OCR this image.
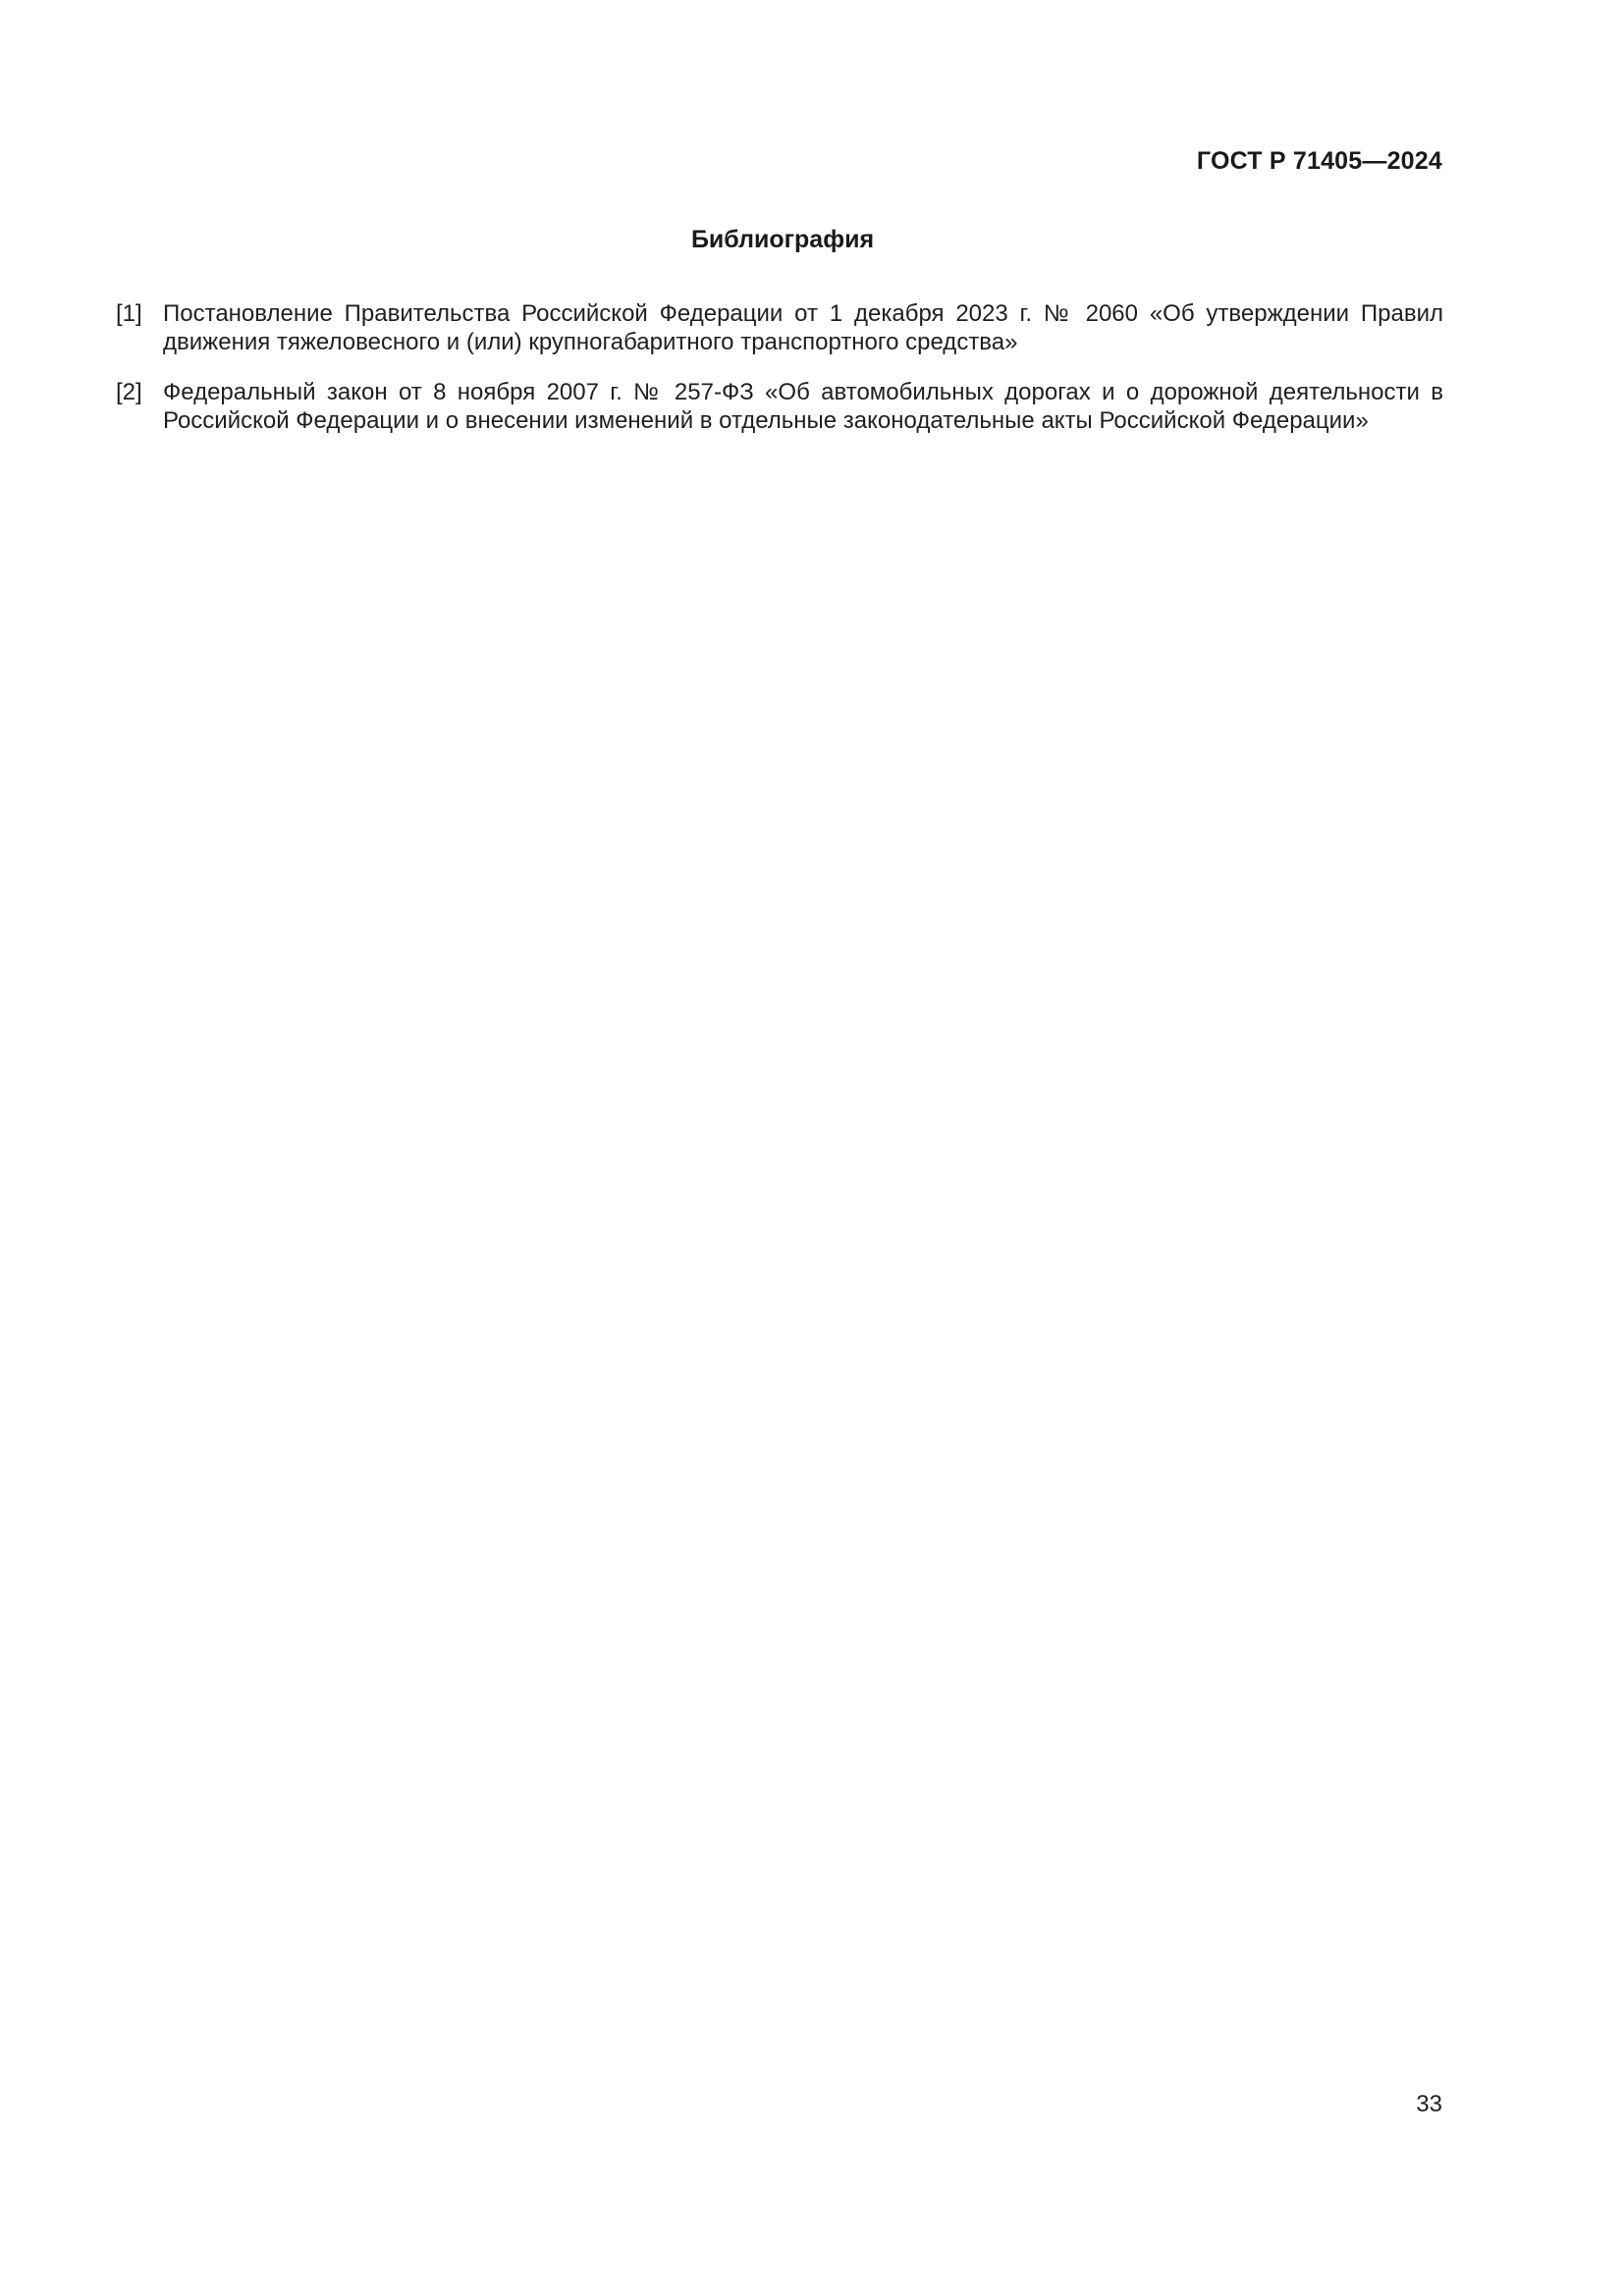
ГОСТ Р 71405—2024
Библиография
[1] Постановление Правительства Российской Федерации от 1 декабря 2023 г. № 2060 «Об утверждении Правил движения тяжеловесного и (или) крупногабаритного транспортного средства»
[2] Федеральный закон от 8 ноября 2007 г. № 257-ФЗ «Об автомобильных дорогах и о дорожной деятельности в Российской Федерации и о внесении изменений в отдельные законодательные акты Российской Федерации»
33
